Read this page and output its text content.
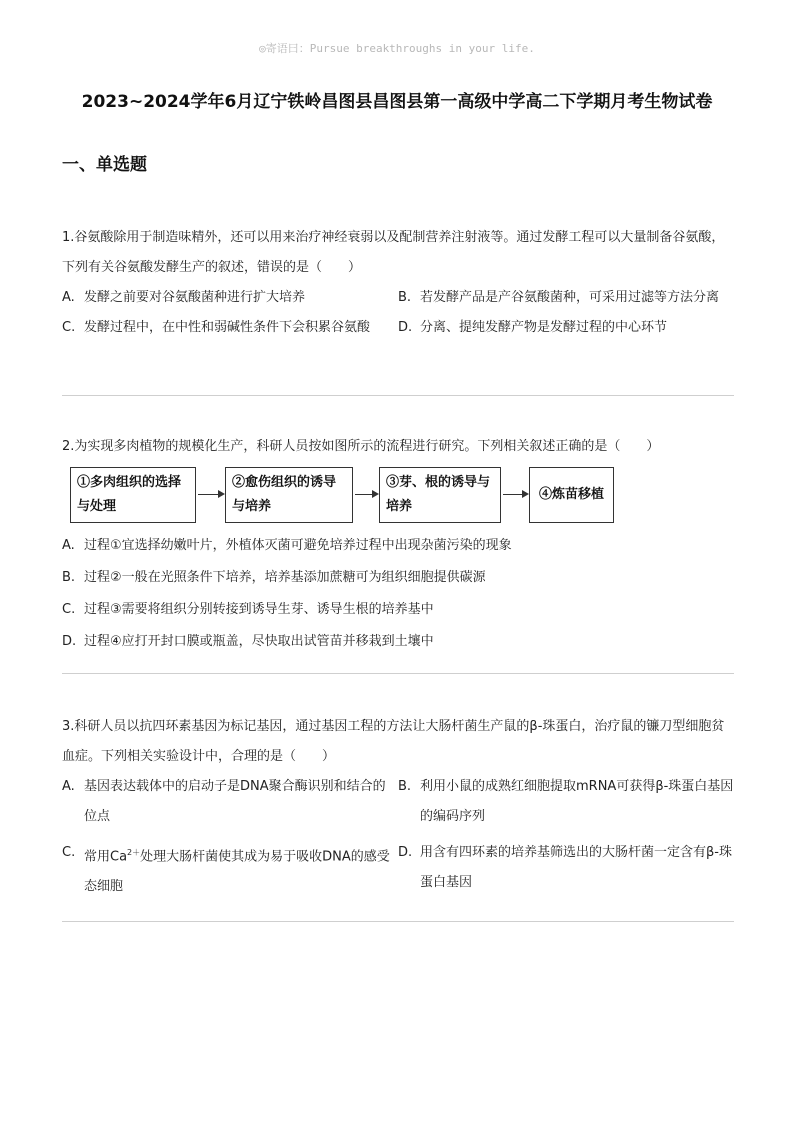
◎寄语曰：Pursue breakthroughs in your life.
2023~2024学年6月辽宁铁岭昌图县昌图县第一高级中学高二下学期月考生物试卷
一、单选题
1.谷氨酸除用于制造味精外，还可以用来治疗神经衰弱以及配制营养注射液等。通过发酵工程可以大量制备谷氨酸，下列有关谷氨酸发酵生产的叙述，错误的是（　　）
A. 发酵之前要对谷氨酸菌种进行扩大培养	B. 若发酵产品是产谷氨酸菌种，可采用过滤等方法分离
C. 发酵过程中，在中性和弱碱性条件下会积累谷氨酸	D. 分离、提纯发酵产物是发酵过程的中心环节
2.为实现多肉植物的规模化生产，科研人员按如图所示的流程进行研究。下列相关叙述正确的是（　　）
①多肉组织的选择
与处理
②愈伤组织的诱导
与培养
③芽、根的诱导与
培养
④炼苗移植
A. 过程①宜选择幼嫩叶片，外植体灭菌可避免培养过程中出现杂菌污染的现象
B. 过程②一般在光照条件下培养，培养基添加蔗糖可为组织细胞提供碳源
C. 过程③需要将组织分别转接到诱导生芽、诱导生根的培养基中
D. 过程④应打开封口膜或瓶盖，尽快取出试管苗并移栽到土壤中
3.科研人员以抗四环素基因为标记基因，通过基因工程的方法让大肠杆菌生产鼠的β-珠蛋白，治疗鼠的镰刀型细胞贫血症。下列相关实验设计中，合理的是（　　）
A. 基因表达载体中的启动子是DNA聚合酶识别和结合的位点
B. 利用小鼠的成熟红细胞提取mRNA可获得β-珠蛋白基因的编码序列
C. 常用$Ca^{2+}$处理大肠杆菌使其成为易于吸收DNA的感受态细胞
D. 用含有四环素的培养基筛选出的大肠杆菌一定含有β-珠蛋白基因
